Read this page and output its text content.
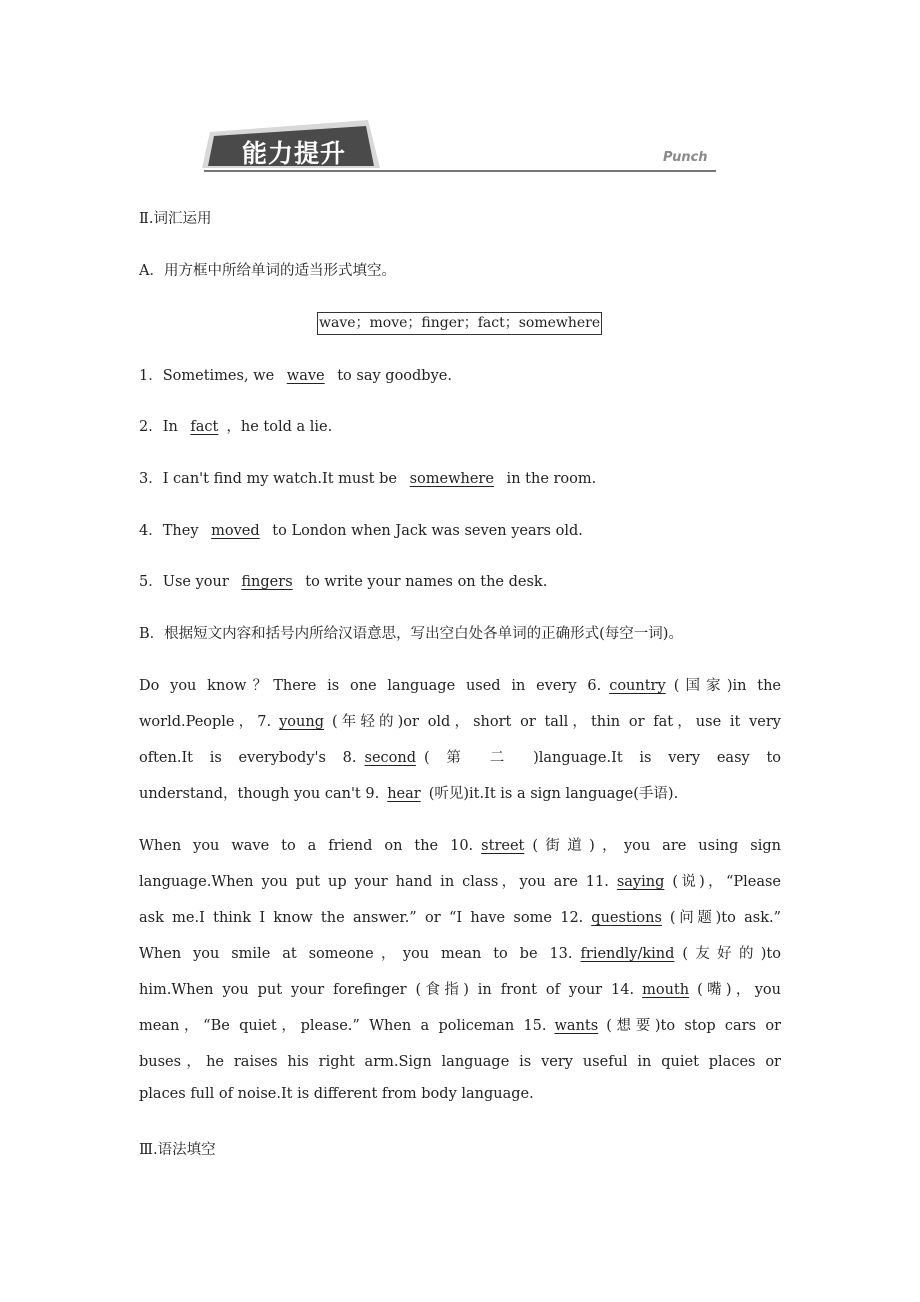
能力提升	Punch
Ⅱ.词汇运用
A．用方框中所给单词的适当形式填空。
wave；move；finger；fact；somewhere
1．Sometimes, we wave to say goodbye.
2．In fact ，he told a lie.
3．I can't find my watch.It must be somewhere in the room.
4．They moved to London when Jack was seven years old.
5．Use your fingers to write your names on the desk.
B．根据短文内容和括号内所给汉语意思，写出空白处各单词的正确形式(每空一词)。
Do you know？There is one language used in every 6. country (国家)in the
world.People，7. young (年轻的)or old，short or tall，thin or fat，use it very
often.It is everybody's 8. second ( 第 二 )language.It is very easy to
understand，though you can't 9. hear (听见)it.It is a sign language(手语).
When you wave to a friend on the 10. street (街道)，you are using sign
language.When you put up your hand in class，you are 11. saying (说)，“Please
ask me.I think I know the answer.” or “I have some 12. questions (问题)to ask.”
When you smile at someone，you mean to be 13. friendly/kind (友好的)to
him.When you put your forefinger (食指) in front of your 14. mouth (嘴)，you
mean，“Be quiet，please.” When a policeman 15. wants (想要)to stop cars or
buses，he raises his right arm.Sign language is very useful in quiet places or
places full of noise.It is different from body language.
Ⅲ.语法填空
